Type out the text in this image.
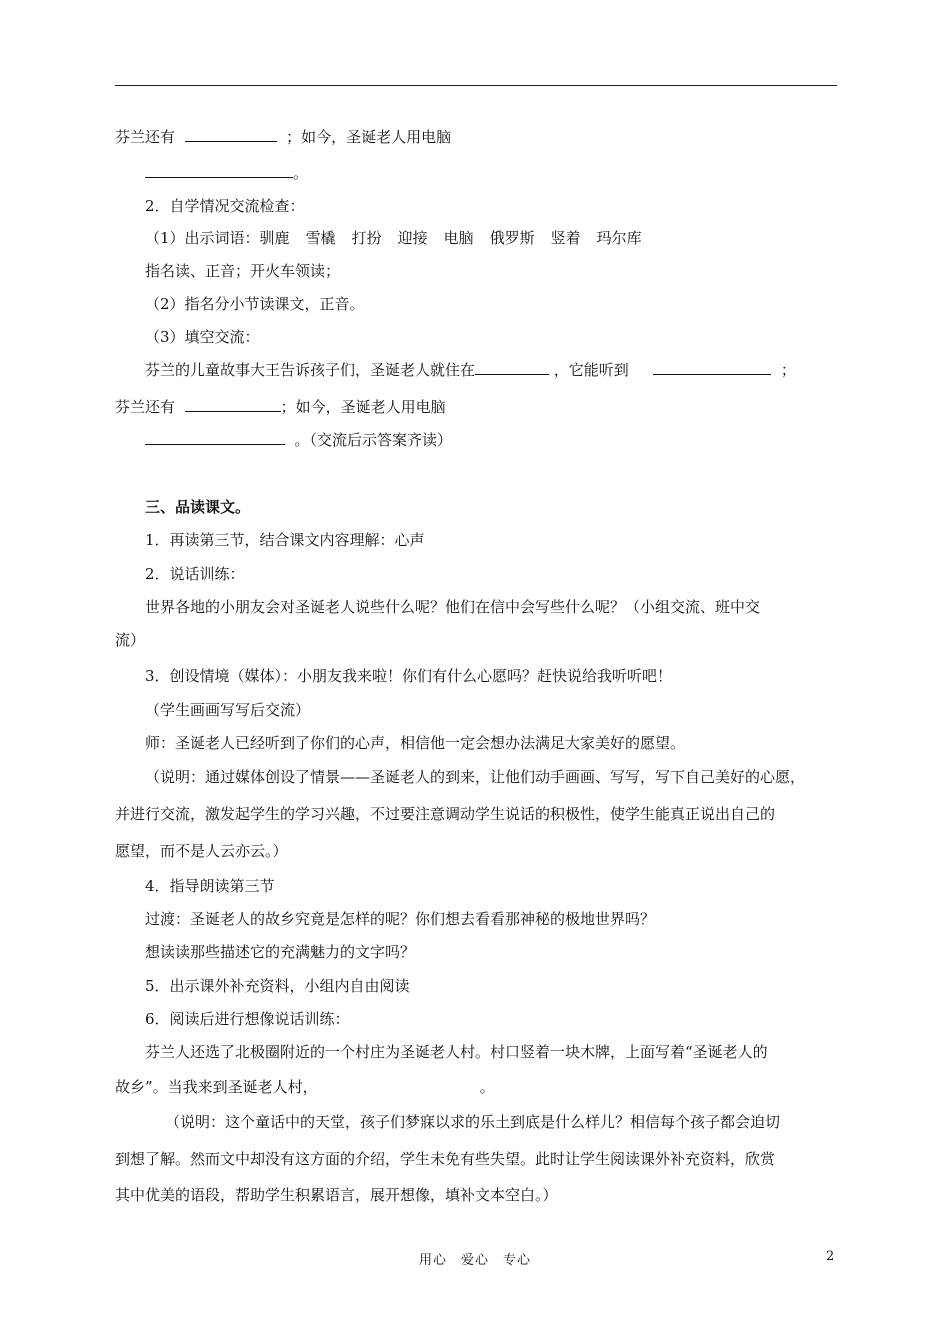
芬兰还有	；如今，圣诞老人用电脑
。
2．自学情况交流检查：
（1）出示词语：驯鹿 雪橇 打扮 迎接 电脑 俄罗斯 竖着 玛尔库
指名读、正音；开火车领读；
（2）指名分小节读课文，正音。
（3）填空交流：
芬兰的儿童故事大王告诉孩子们，圣诞老人就住在	，它能听到	；
芬兰还有	；如今，圣诞老人用电脑
。（交流后示答案齐读）
三、品读课文。
1．再读第三节，结合课文内容理解：心声
2．说话训练：
世界各地的小朋友会对圣诞老人说些什么呢？他们在信中会写些什么呢？（小组交流、班中交
流）
3．创设情境（媒体）：小朋友我来啦！你们有什么心愿吗？赶快说给我听听吧！
（学生画画写写后交流）
师：圣诞老人已经听到了你们的心声，相信他一定会想办法满足大家美好的愿望。
（说明：通过媒体创设了情景——圣诞老人的到来，让他们动手画画、写写，写下自己美好的心愿，
并进行交流，激发起学生的学习兴趣，不过要注意调动学生说话的积极性，使学生能真正说出自己的
愿望，而不是人云亦云。）
4．指导朗读第三节
过渡：圣诞老人的故乡究竟是怎样的呢？你们想去看看那神秘的极地世界吗？
想读读那些描述它的充满魅力的文字吗？
5．出示课外补充资料，小组内自由阅读
6．阅读后进行想像说话训练：
芬兰人还选了北极圈附近的一个村庄为圣诞老人村。村口竖着一块木牌，上面写着“圣诞老人的
故乡”。当我来到圣诞老人村，	。
（说明：这个童话中的天堂，孩子们梦寐以求的乐土到底是什么样儿？相信每个孩子都会迫切
到想了解。然而文中却没有这方面的介绍，学生未免有些失望。此时让学生阅读课外补充资料，欣赏
其中优美的语段，帮助学生积累语言，展开想像，填补文本空白。）
用心　爱心　专心	2
